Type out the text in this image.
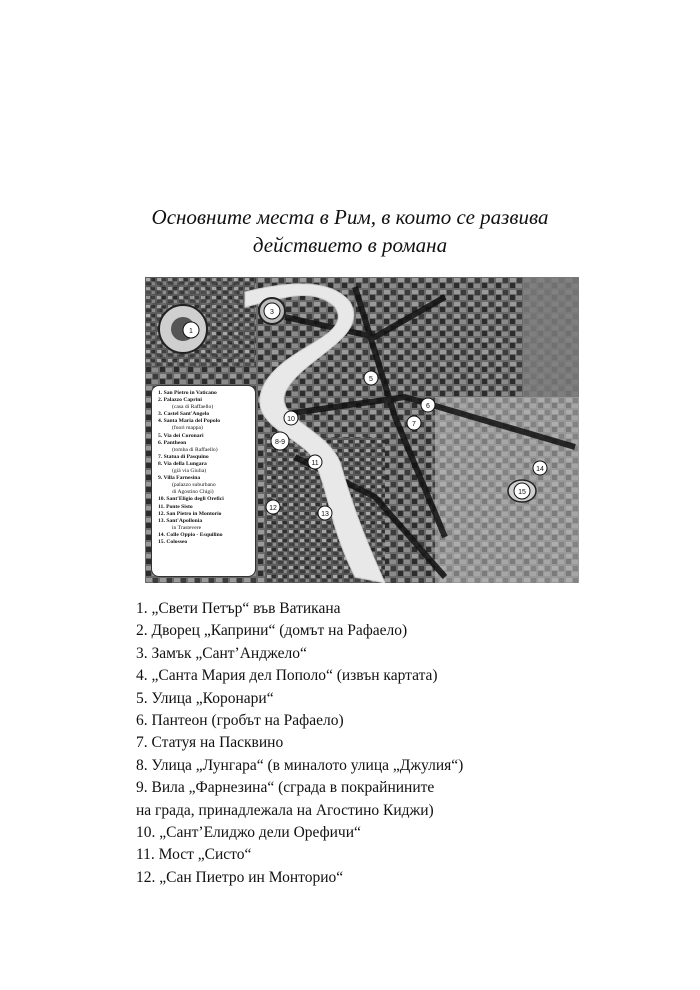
Основните места в Рим, в които се развива
действието в романа
1
3
5
6
7
8-9
10
11
12
13
14
15
1. San Pietro in Vaticano
2. Palazzo Caprini
(casa di Raffaello)
3. Castel Sant'Angelo
4. Santa Maria del Popolo
(fuori mappa)
5. Via dei Coronari
6. Pantheon
(tomba di Raffaello)
7. Statua di Pasquino
8. Via della Lungara
(già via Giulia)
9. Villa Farnesina
(palazzo suburbano
di Agostino Chigi)
10. Sant'Eligio degli Orefici
11. Ponte Sisto
12. San Pietro in Montorio
13. Sant'Apollonia
in Trastevere
14. Colle Oppio - Esquilino
15. Colosseo
1. „Свети Петър“ във Ватикана
2. Дворец „Каприни“ (домът на Рафаело)
3. Замък „Сант’Анджело“
4. „Санта Мария дел Пополо“ (извън картата)
5. Улица „Коронари“
6. Пантеон (гробът на Рафаело)
7. Статуя на Пасквино
8. Улица „Лунгара“ (в миналото улица „Джулия“)
9. Вила „Фарнезина“ (сграда в покрайнините
на града, принадлежала на Агостино Киджи)
10. „Сант’Елиджо дели Орефичи“
11. Мост „Систо“
12. „Сан Пиетро ин Монторио“
